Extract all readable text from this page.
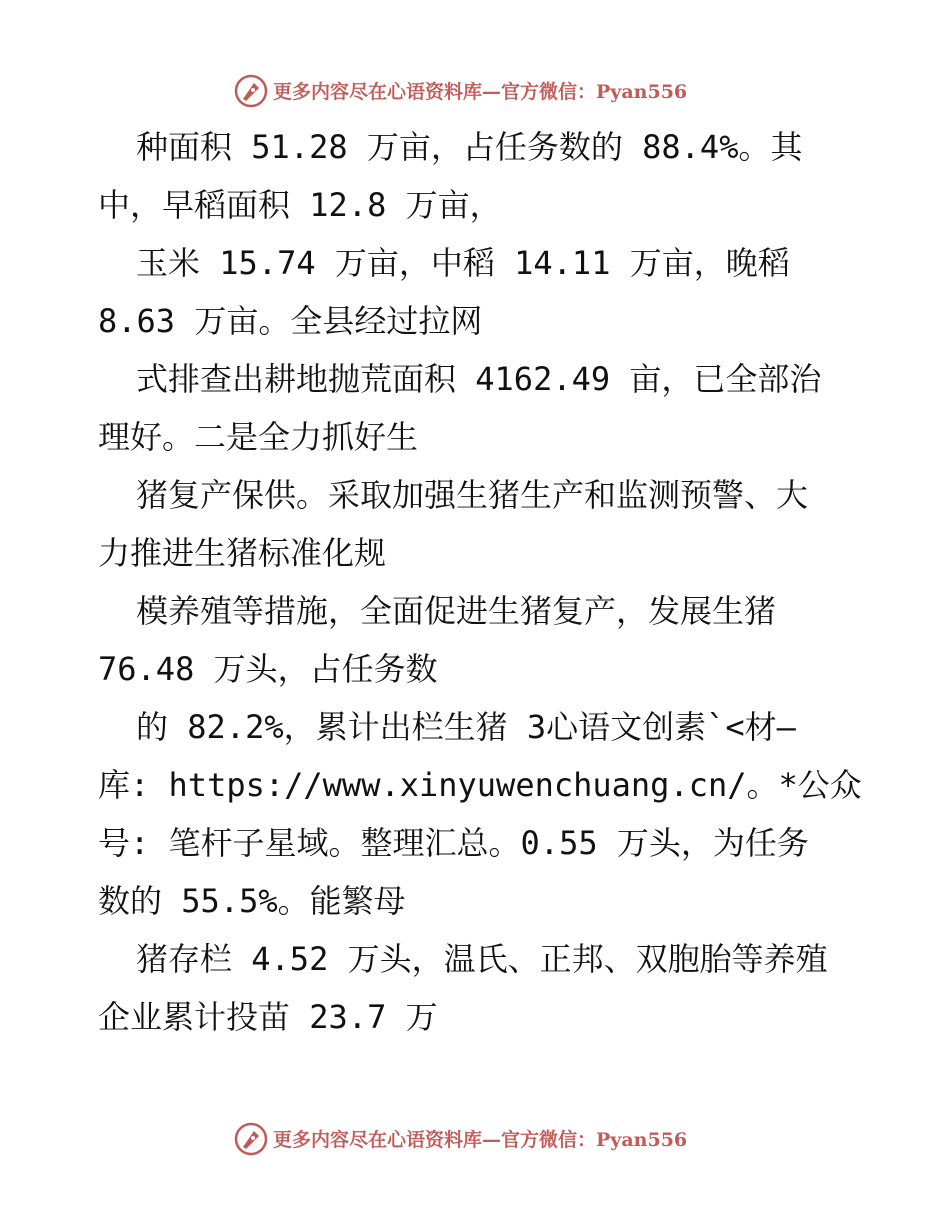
更多内容尽在心语资料库—官方微信：Pyan556
种面积 51.28 万亩，占任务数的 88.4%。其
中，早稻面积 12.8 万亩，
玉米 15.74 万亩，中稻 14.11 万亩，晚稻
8.63 万亩。全县经过拉网
式排查出耕地抛荒面积 4162.49 亩，已全部治
理好。二是全力抓好生
猪复产保供。采取加强生猪生产和监测预警、大
力推进生猪标准化规
模养殖等措施，全面促进生猪复产，发展生猪
76.48 万头，占任务数
的 82.2%，累计出栏生猪 3心语文创素`<材—
库: https://www.xinyuwenchuang.cn/。*公众
号: 笔杆子星域。整理汇总。0.55 万头，为任务
数的 55.5%。能繁母
猪存栏 4.52 万头，温氏、正邦、双胞胎等养殖
企业累计投苗 23.7 万
更多内容尽在心语资料库—官方微信：Pyan556
